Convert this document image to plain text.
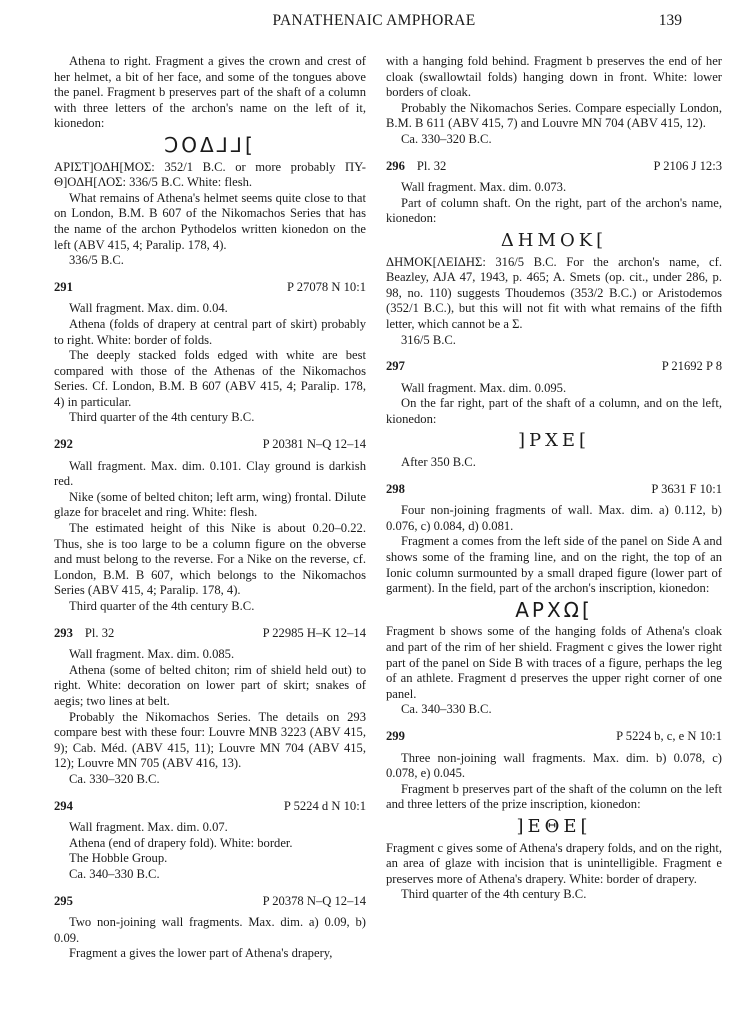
PANATHENAIC AMPHORAE	139

Athena to right. Fragment a gives the crown and crest of her helmet, a bit of her face, and some of the tongues above the panel. Fragment b preserves part of the shaft of a column with three letters of the archon's name on the left of it, kionedon:

ϽΟΔ⅃⅃[

ΑΡΙΣΤ]ΟΔΗ[ΜΟΣ: 352/1 B.C. or more probably ΠΥ-Θ]ΟΔΗ[ΛΟΣ: 336/5 B.C. White: flesh.

What remains of Athena's helmet seems quite close to that on London, B.M. B 607 of the Nikomachos Series that has the name of the archon Pythodelos written kionedon on the left (ABV 415, 4; Paralip. 178, 4).

336/5 B.C.

291	P 27078 N 10:1

Wall fragment. Max. dim. 0.04.

Athena (folds of drapery at central part of skirt) probably to right. White: border of folds.

The deeply stacked folds edged with white are best compared with those of the Athenas of the Nikomachos Series. Cf. London, B.M. B 607 (ABV 415, 4; Paralip. 178, 4) in particular.

Third quarter of the 4th century B.C.

292	P 20381 N–Q 12–14

Wall fragment. Max. dim. 0.101. Clay ground is darkish red.

Nike (some of belted chiton; left arm, wing) frontal. Dilute glaze for bracelet and ring. White: flesh.

The estimated height of this Nike is about 0.20–0.22. Thus, she is too large to be a column figure on the obverse and must belong to the reverse. For a Nike on the reverse, cf. London, B.M. B 607, which belongs to the Nikomachos Series (ABV 415, 4; Paralip. 178, 4).

Third quarter of the 4th century B.C.

293 Pl. 32	P 22985 H–K 12–14

Wall fragment. Max. dim. 0.085.

Athena (some of belted chiton; rim of shield held out) to right. White: decoration on lower part of skirt; snakes of aegis; two lines at belt.

Probably the Nikomachos Series. The details on 293 compare best with these four: Louvre MNB 3223 (ABV 415, 9); Cab. Méd. (ABV 415, 11); Louvre MN 704 (ABV 415, 12); Louvre MN 705 (ABV 416, 13).

Ca. 330–320 B.C.

294	P 5224 d N 10:1

Wall fragment. Max. dim. 0.07.

Athena (end of drapery fold). White: border.

The Hobble Group.

Ca. 340–330 B.C.

295	P 20378 N–Q 12–14

Two non-joining wall fragments. Max. dim. a) 0.09, b) 0.09.

Fragment a gives the lower part of Athena's drapery,

with a hanging fold behind. Fragment b preserves the end of her cloak (swallowtail folds) hanging down in front. White: lower borders of cloak.

Probably the Nikomachos Series. Compare especially London, B.M. B 611 (ABV 415, 7) and Louvre MN 704 (ABV 415, 12).

Ca. 330–320 B.C.

296 Pl. 32	P 2106 J 12:3

Wall fragment. Max. dim. 0.073.

Part of column shaft. On the right, part of the archon's name, kionedon:

ΔΗΜΟΚ[

ΔΗΜΟΚ[ΛΕΙΔΗΣ: 316/5 B.C. For the archon's name, cf. Beazley, AJA 47, 1943, p. 465; A. Smets (op. cit., under 286, p. 98, no. 110) suggests Thoudemos (353/2 B.C.) or Aristodemos (352/1 B.C.), but this will not fit with what remains of the fifth letter, which cannot be a Σ.

316/5 B.C.

297	P 21692 P 8

Wall fragment. Max. dim. 0.095.

On the far right, part of the shaft of a column, and on the left, kionedon:

]ΡΧΕ[

After 350 B.C.

298	P 3631 F 10:1

Four non-joining fragments of wall. Max. dim. a) 0.112, b) 0.076, c) 0.084, d) 0.081.

Fragment a comes from the left side of the panel on Side A and shows some of the framing line, and on the right, the top of an Ionic column surmounted by a small draped figure (lower part of garment). In the field, part of the archon's inscription, kionedon:

ΑΡΧΩ[

Fragment b shows some of the hanging folds of Athena's cloak and part of the rim of her shield. Fragment c gives the lower right part of the panel on Side B with traces of a figure, perhaps the leg of an athlete. Fragment d preserves the upper right corner of one panel.

Ca. 340–330 B.C.

299	P 5224 b, c, e N 10:1

Three non-joining wall fragments. Max. dim. b) 0.078, c) 0.078, e) 0.045.

Fragment b preserves part of the shaft of the column on the left and three letters of the prize inscription, kionedon:

]ΕΘΕ[

Fragment c gives some of Athena's drapery folds, and on the right, an area of glaze with incision that is unintelligible. Fragment e preserves more of Athena's drapery. White: border of drapery.

Third quarter of the 4th century B.C.
